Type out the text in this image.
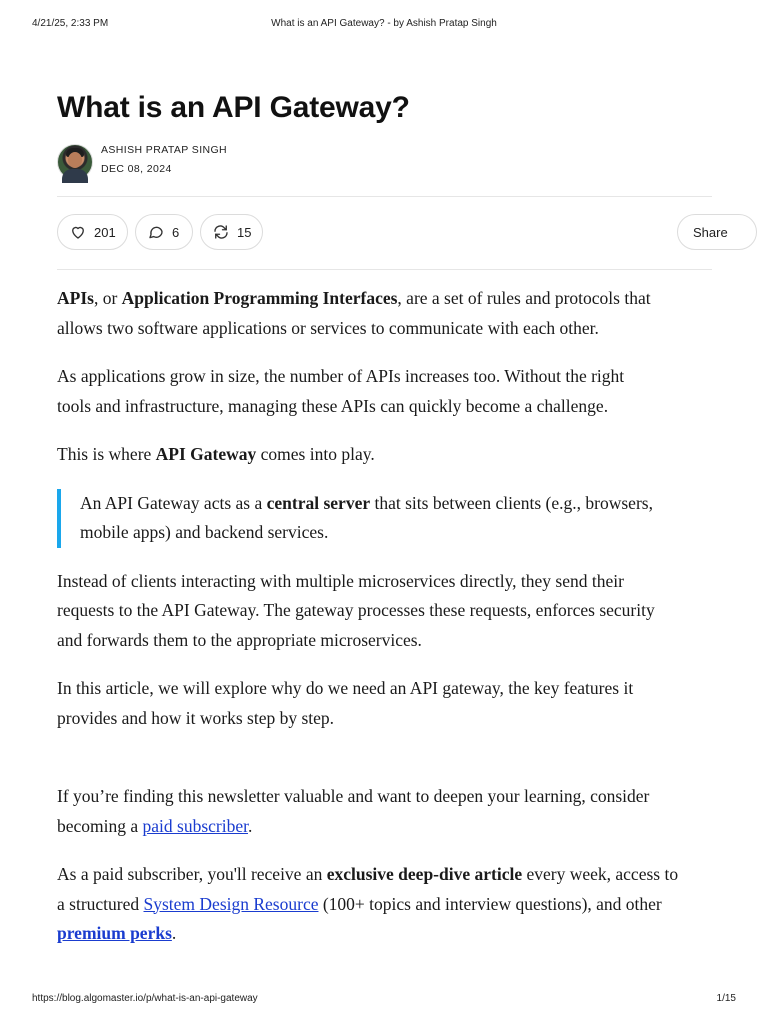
4/21/25, 2:33 PM	What is an API Gateway? - by Ashish Pratap Singh
What is an API Gateway?
ASHISH PRATAP SINGH
DEC 08, 2024
201	6	15	Share

APIs, or Application Programming Interfaces, are a set of rules and protocols that
allows two software applications or services to communicate with each other.

As applications grow in size, the number of APIs increases too. Without the right
tools and infrastructure, managing these APIs can quickly become a challenge.

This is where API Gateway comes into play.

An API Gateway acts as a central server that sits between clients (e.g., browsers,
mobile apps) and backend services.

Instead of clients interacting with multiple microservices directly, they send their
requests to the API Gateway. The gateway processes these requests, enforces security
and forwards them to the appropriate microservices.

In this article, we will explore why do we need an API gateway, the key features it
provides and how it works step by step.

If you’re finding this newsletter valuable and want to deepen your learning, consider
becoming a paid subscriber.

As a paid subscriber, you'll receive an exclusive deep-dive article every week, access to
a structured System Design Resource (100+ topics and interview questions), and other
premium perks.

https://blog.algomaster.io/p/what-is-an-api-gateway	1/15
